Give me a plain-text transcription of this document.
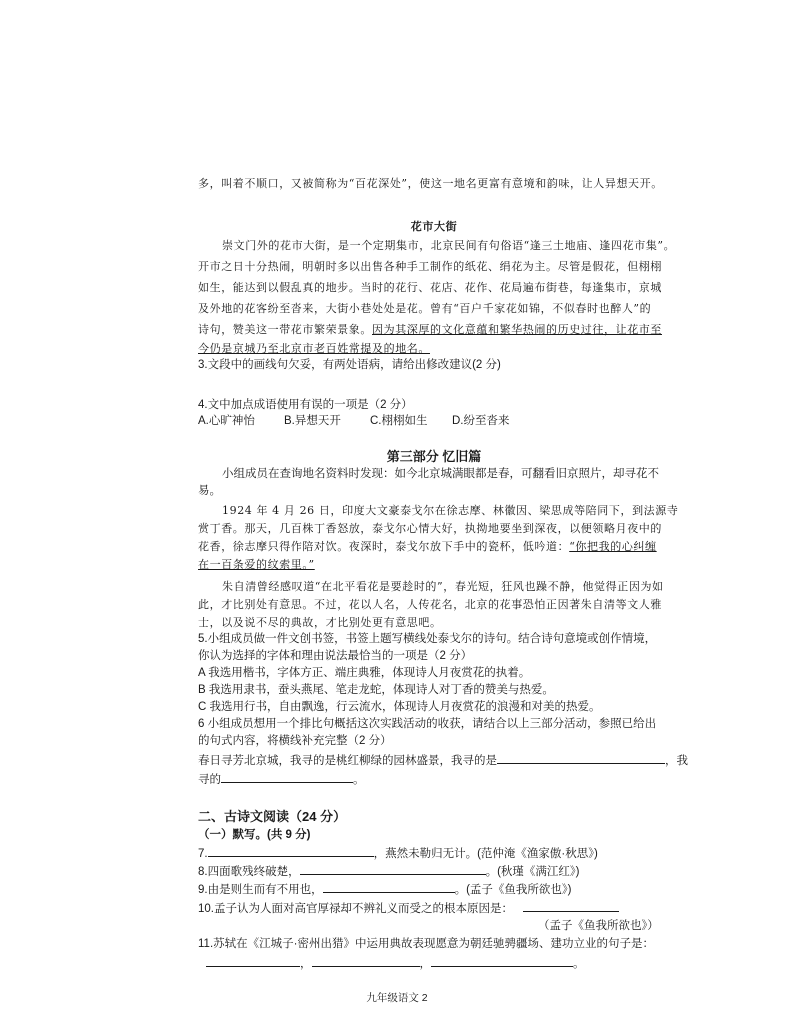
多，叫着不顺口，又被简称为“百花深处”，使这一地名更富有意境和韵味，让人异想天开。
花市大街
崇文门外的花市大街，是一个定期集市，北京民间有句俗语“逢三土地庙、逢四花市集”。
开市之日十分热闹，明朝时多以出售各种手工制作的纸花、绢花为主。尽管是假花，但栩栩
如生，能达到以假乱真的地步。当时的花行、花店、花作、花局遍布街巷，每逢集市，京城
及外地的花客纷至沓来，大街小巷处处是花。曾有“百户千家花如锦，不似春时也醉人”的
诗句，赞美这一带花市繁荣景象。因为其深厚的文化意蕴和繁华热闹的历史过往，让花市至
今仍是京城乃至北京市老百姓常提及的地名。
3.文段中的画线句欠妥，有两处语病，请给出修改建议(2 分)
4.文中加点成语使用有误的一项是（2 分）
A.心旷神怡	B.异想天开	C.栩栩如生 D.纷至沓来
第三部分 忆旧篇
小组成员在查询地名资料时发现：如今北京城满眼都是春，可翻看旧京照片，却寻花不
易。
1924 年 4 月 26 日，印度大文豪泰戈尔在徐志摩、林徽因、梁思成等陪同下，到法源寺
赏丁香。那天，几百株丁香怒放，泰戈尔心情大好，执拗地要坐到深夜，以便领略月夜中的
花香，徐志摩只得作陪对饮。夜深时，泰戈尔放下手中的瓷杯，低吟道：“你把我的心纠缠
在一百条爱的纹索里。”
朱自清曾经感叹道“在北平看花是要趁时的”，春光短，狂风也躁不静，他觉得正因为如
此，才比别处有意思。不过，花以人名，人传花名，北京的花事恐怕正因著朱自清等文人雅
士，以及说不尽的典故，才比别处更有意思吧。
5.小组成员做一件文创书签，书签上题写横线处泰戈尔的诗句。结合诗句意境或创作情境，
你认为选择的字体和理由说法最恰当的一项是（2 分）
A 我选用楷书，字体方正、端庄典雅，体现诗人月夜赏花的执着。
B 我选用隶书，蚕头燕尾、笔走龙蛇，体现诗人对丁香的赞美与热爱。
C 我选用行书，自由飘逸，行云流水，体现诗人月夜赏花的浪漫和对美的热爱。
6 小组成员想用一个排比句概括这次实践活动的收获，请结合以上三部分活动，参照已给出
的句式内容，将横线补充完整（2 分）
春日寻芳北京城，我寻的是桃红柳绿的园林盛景，我寻的是	，我
寻的	。
二、古诗文阅读（24 分）
（一）默写。(共 9 分)
7.	，燕然未勒归无计。(范仲淹《渔家傲·秋思》)
8.四面歌残终破楚，	。(秋瑾《满江红》)
9.由是则生而有不用也，	。(孟子《鱼我所欲也》)
10.孟子认为人面对高官厚禄却不辨礼义而受之的根本原因是：
（孟子《鱼我所欲也》）
11.苏轼在《江城子·密州出猎》中运用典故表现愿意为朝廷驰骋疆场、建功立业的句子是：
，	，	。
九年级语文 2
